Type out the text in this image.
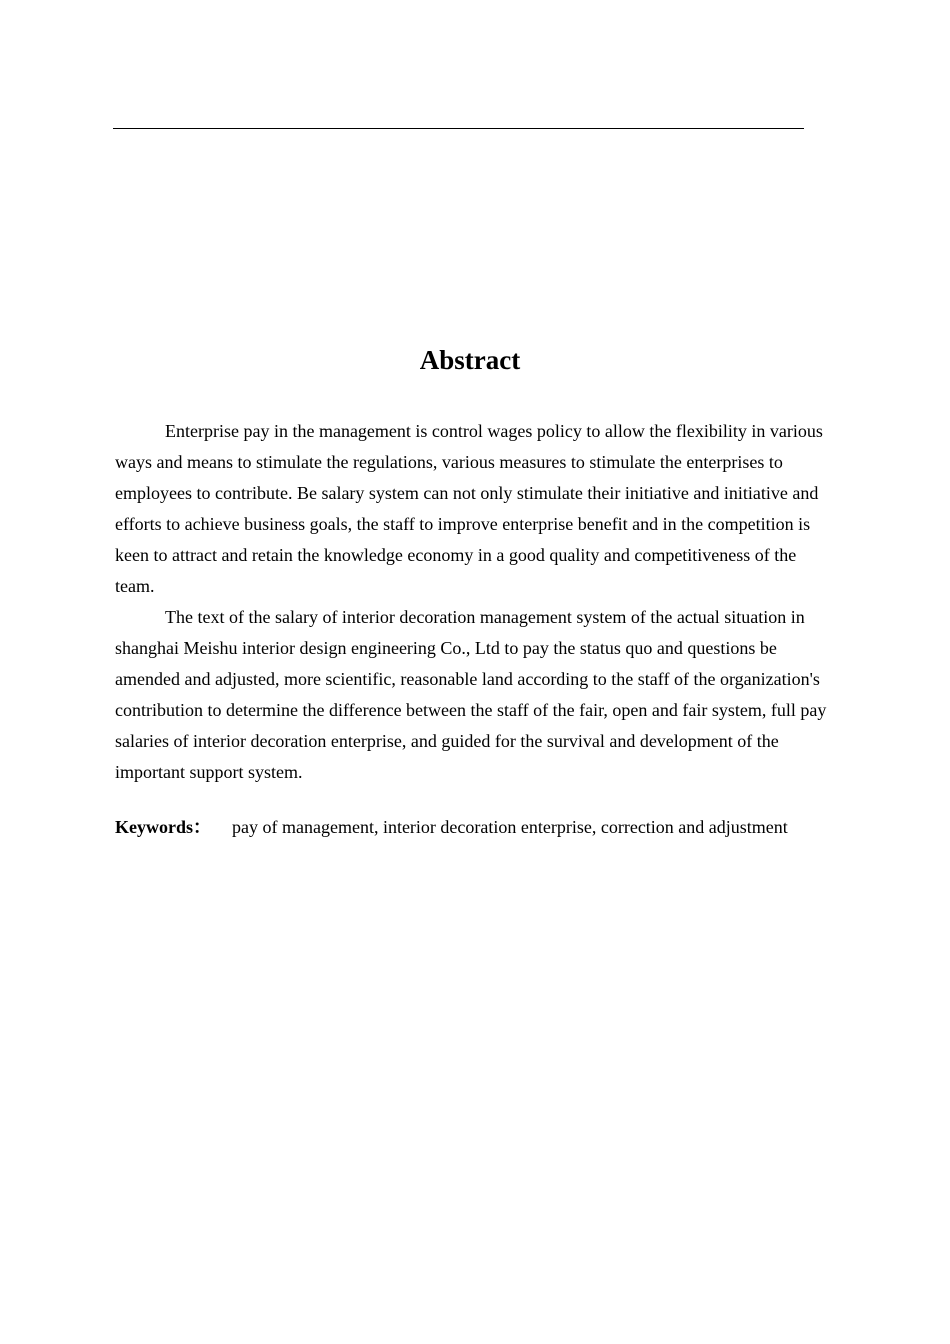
Abstract

Enterprise pay in the management is control wages policy to allow the flexibility in various ways and means to stimulate the regulations, various measures to stimulate the enterprises to employees to contribute. Be salary system can not only stimulate their initiative and initiative and efforts to achieve business goals, the staff to improve enterprise benefit and in the competition is keen to attract and retain the knowledge economy in a good quality and competitiveness of the team.

The text of the salary of interior decoration management system of the actual situation in shanghai Meishu interior design engineering Co., Ltd to pay the status quo and questions be amended and adjusted, more scientific, reasonable land according to the staff of the organization's contribution to determine the difference between the staff of the fair, open and fair system, full pay salaries of interior decoration enterprise, and guided for the survival and development of the important support system.

Keywords： pay of management, interior decoration enterprise, correction and adjustment
